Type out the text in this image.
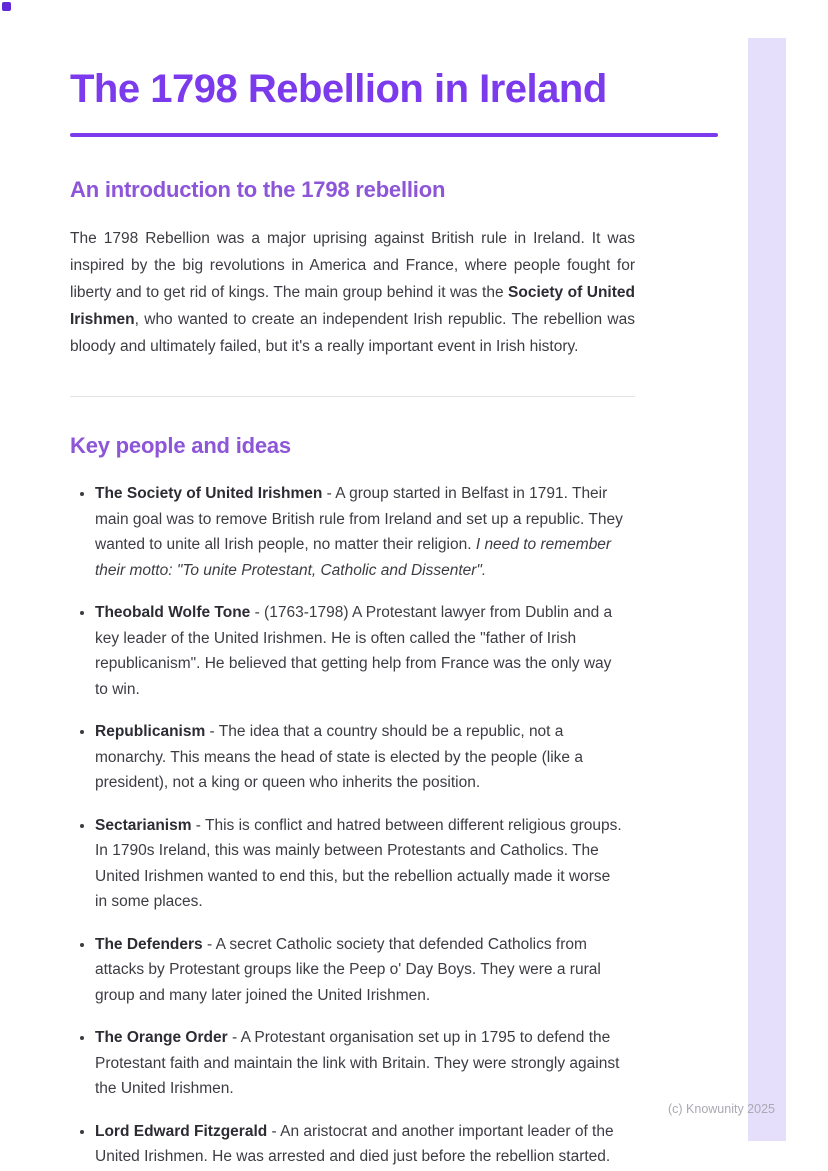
The 1798 Rebellion in Ireland
An introduction to the 1798 rebellion

The 1798 Rebellion was a major uprising against British rule in Ireland. It was inspired by the big revolutions in America and France, where people fought for liberty and to get rid of kings. The main group behind it was the Society of United Irishmen, who wanted to create an independent Irish republic. The rebellion was bloody and ultimately failed, but it's a really important event in Irish history.

Key people and ideas
• The Society of United Irishmen - A group started in Belfast in 1791. Their main goal was to remove British rule from Ireland and set up a republic. They wanted to unite all Irish people, no matter their religion. I need to remember their motto: "To unite Protestant, Catholic and Dissenter".
• Theobald Wolfe Tone - (1763-1798) A Protestant lawyer from Dublin and a key leader of the United Irishmen. He is often called the "father of Irish republicanism". He believed that getting help from France was the only way to win.
• Republicanism - The idea that a country should be a republic, not a monarchy. This means the head of state is elected by the people (like a president), not a king or queen who inherits the position.
• Sectarianism - This is conflict and hatred between different religious groups. In 1790s Ireland, this was mainly between Protestants and Catholics. The United Irishmen wanted to end this, but the rebellion actually made it worse in some places.
• The Defenders - A secret Catholic society that defended Catholics from attacks by Protestant groups like the Peep o' Day Boys. They were a rural group and many later joined the United Irishmen.
• The Orange Order - A Protestant organisation set up in 1795 to defend the Protestant faith and maintain the link with Britain. They were strongly against the United Irishmen.
• Lord Edward Fitzgerald - An aristocrat and another important leader of the United Irishmen. He was arrested and died just before the rebellion started.
(c) Knowunity 2025
